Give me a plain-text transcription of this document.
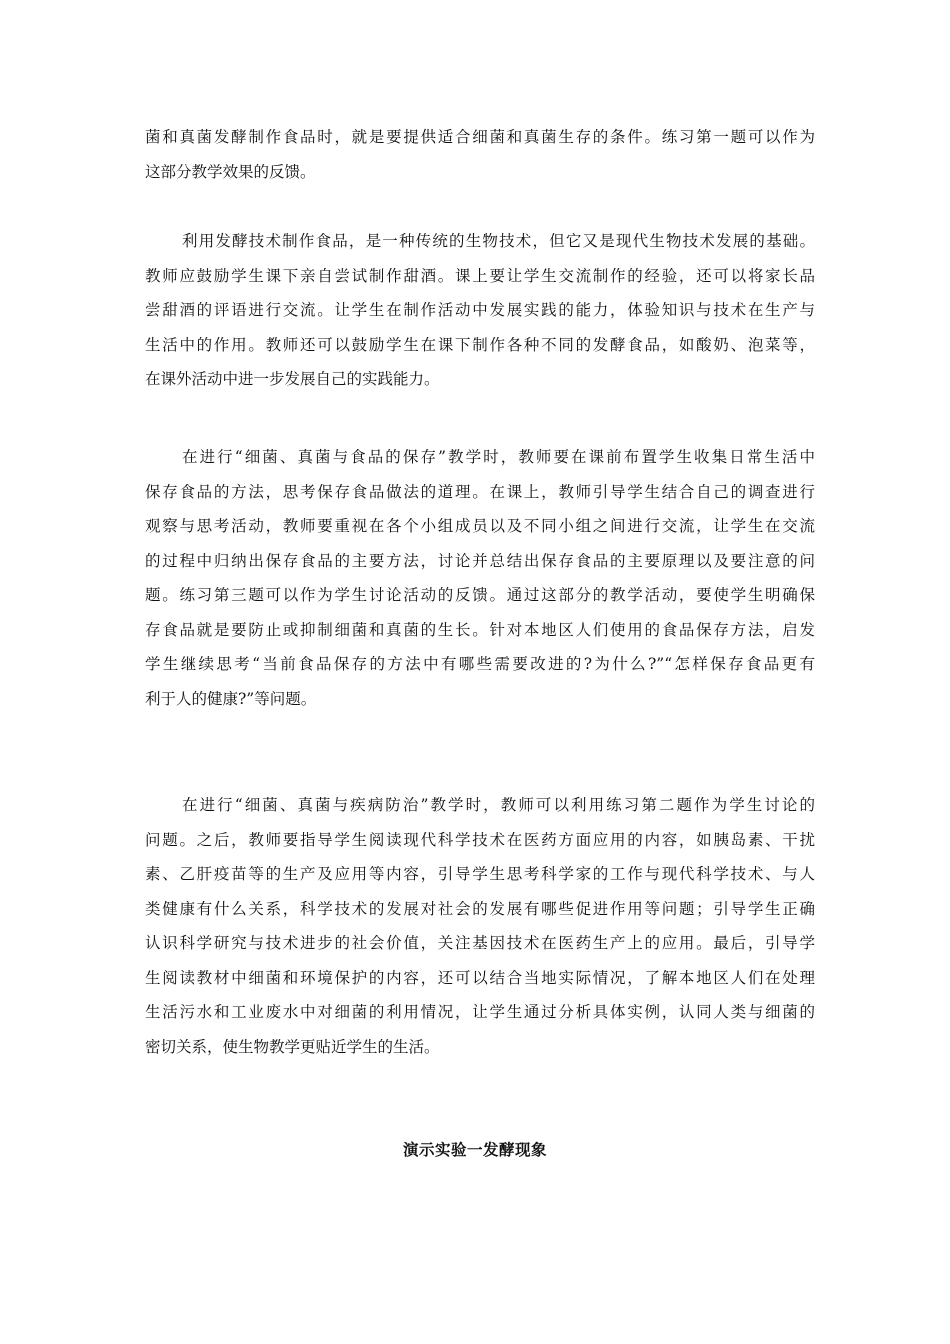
菌和真菌发酵制作食品时，就是要提供适合细菌和真菌生存的条件。练习第一题可以作为
这部分教学效果的反馈。
利用发酵技术制作食品，是一种传统的生物技术，但它又是现代生物技术发展的基础。
教师应鼓励学生课下亲自尝试制作甜酒。课上要让学生交流制作的经验，还可以将家长品
尝甜酒的评语进行交流。让学生在制作活动中发展实践的能力，体验知识与技术在生产与
生活中的作用。教师还可以鼓励学生在课下制作各种不同的发酵食品，如酸奶、泡菜等，
在课外活动中进一步发展自己的实践能力。
在进行“细菌、真菌与食品的保存”教学时，教师要在课前布置学生收集日常生活中
保存食品的方法，思考保存食品做法的道理。在课上，教师引导学生结合自己的调查进行
观察与思考活动，教师要重视在各个小组成员以及不同小组之间进行交流，让学生在交流
的过程中归纳出保存食品的主要方法，讨论并总结出保存食品的主要原理以及要注意的问
题。练习第三题可以作为学生讨论活动的反馈。通过这部分的教学活动，要使学生明确保
存食品就是要防止或抑制细菌和真菌的生长。针对本地区人们使用的食品保存方法，启发
学生继续思考“当前食品保存的方法中有哪些需要改进的?为什么?”“怎样保存食品更有
利于人的健康?”等问题。
在进行“细菌、真菌与疾病防治”教学时，教师可以利用练习第二题作为学生讨论的
问题。之后，教师要指导学生阅读现代科学技术在医药方面应用的内容，如胰岛素、干扰
素、乙肝疫苗等的生产及应用等内容，引导学生思考科学家的工作与现代科学技术、与人
类健康有什么关系，科学技术的发展对社会的发展有哪些促进作用等问题；引导学生正确
认识科学研究与技术进步的社会价值，关注基因技术在医药生产上的应用。最后，引导学
生阅读教材中细菌和环境保护的内容，还可以结合当地实际情况，了解本地区人们在处理
生活污水和工业废水中对细菌的利用情况，让学生通过分析具体实例，认同人类与细菌的
密切关系，使生物教学更贴近学生的生活。
演示实验一发酵现象
